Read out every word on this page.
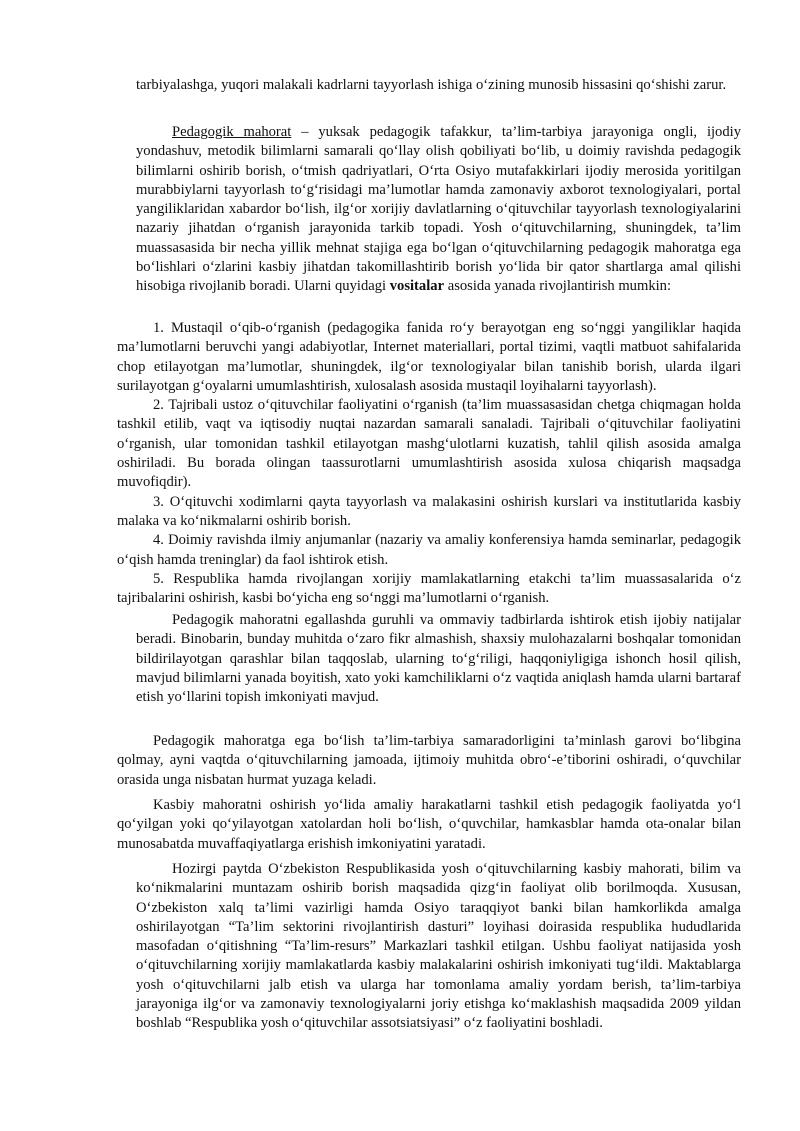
tarbiyalashga, yuqori malakali kadrlarni tayyorlash ishiga o‘zining munosib hissasini qo‘shishi zarur.

Pedagogik mahorat – yuksak pedagogik tafakkur, ta’lim-tarbiya jarayoniga ongli, ijodiy yondashuv, metodik bilimlarni samarali qo‘llay olish qobiliyati bo‘lib, u doimiy ravishda pedagogik bilimlarni oshirib borish, o‘tmish qadriyatlari, O‘rta Osiyo mutafakkirlari ijodiy merosida yoritilgan murabbiylarni tayyorlash to‘g‘risidagi ma’lumotlar hamda zamonaviy axborot texnologiyalari, portal yangiliklaridan xabardor bo‘lish, ilg‘or xorijiy davlatlarning o‘qituvchilar tayyorlash texnologiyalarini nazariy jihatdan o‘rganish jarayonida tarkib topadi. Yosh o‘qituvchilarning, shuningdek, ta’lim muassasasida bir necha yillik mehnat stajiga ega bo‘lgan o‘qituvchilarning pedagogik mahoratga ega bo‘lishlari o‘zlarini kasbiy jihatdan takomillashtirib borish yo‘lida bir qator shartlarga amal qilishi hisobiga rivojlanib boradi. Ularni quyidagi vositalar asosida yanada rivojlantirish mumkin:

1. Mustaqil o‘qib-o‘rganish (pedagogika fanida ro‘y berayotgan eng so‘nggi yangiliklar haqida ma’lumotlarni beruvchi yangi adabiyotlar, Internet materiallari, portal tizimi, vaqtli matbuot sahifalarida chop etilayotgan ma’lumotlar, shuningdek, ilg‘or texnologiyalar bilan tanishib borish, ularda ilgari surilayotgan g‘oyalarni umumlashtirish, xulosalash asosida mustaqil loyihalarni tayyorlash).

2. Tajribali ustoz o‘qituvchilar faoliyatini o‘rganish (ta’lim muassasasidan chetga chiqmagan holda tashkil etilib, vaqt va iqtisodiy nuqtai nazardan samarali sanaladi. Tajribali o‘qituvchilar faoliyatini o‘rganish, ular tomonidan tashkil etilayotgan mashg‘ulotlarni kuzatish, tahlil qilish asosida amalga oshiriladi. Bu borada olingan taassurotlarni umumlashtirish asosida xulosa chiqarish maqsadga muvofiqdir).

3. O‘qituvchi xodimlarni qayta tayyorlash va malakasini oshirish kurslari va institutlarida kasbiy malaka va ko‘nikmalarni oshirib borish.

4. Doimiy ravishda ilmiy anjumanlar (nazariy va amaliy konferensiya hamda seminarlar, pedagogik o‘qish hamda treninglar) da faol ishtirok etish.

5. Respublika hamda rivojlangan xorijiy mamlakatlarning etakchi ta’lim muassasalarida o‘z tajribalarini oshirish, kasbi bo‘yicha eng so‘nggi ma’lumotlarni o‘rganish.

Pedagogik mahoratni egallashda guruhli va ommaviy tadbirlarda ishtirok etish ijobiy natijalar beradi. Binobarin, bunday muhitda o‘zaro fikr almashish, shaxsiy mulohazalarni boshqalar tomonidan bildirilayotgan qarashlar bilan taqqoslab, ularning to‘g‘riligi, haqqoniyligiga ishonch hosil qilish, mavjud bilimlarni yanada boyitish, xato yoki kamchiliklarni o‘z vaqtida aniqlash hamda ularni bartaraf etish yo‘llarini topish imkoniyati mavjud.

Pedagogik mahoratga ega bo‘lish ta’lim-tarbiya samaradorligini ta’minlash garovi bo‘libgina qolmay, ayni vaqtda o‘qituvchilarning jamoada, ijtimoiy muhitda obro‘-e’tiborini oshiradi, o‘quvchilar orasida unga nisbatan hurmat yuzaga keladi.

Kasbiy mahoratni oshirish yo‘lida amaliy harakatlarni tashkil etish pedagogik faoliyatda yo‘l qo‘yilgan yoki qo‘yilayotgan xatolardan holi bo‘lish, o‘quvchilar, hamkasblar hamda ota-onalar bilan munosabatda muvaffaqiyatlarga erishish imkoniyatini yaratadi.

Hozirgi paytda O‘zbekiston Respublikasida yosh o‘qituvchilarning kasbiy mahorati, bilim va ko‘nikmalarini muntazam oshirib borish maqsadida qizg‘in faoliyat olib borilmoqda. Xususan, O‘zbekiston xalq ta’limi vazirligi hamda Osiyo taraqqiyot banki bilan hamkorlikda amalga oshirilayotgan “Ta’lim sektorini rivojlantirish dasturi” loyihasi doirasida respublika hududlarida masofadan o‘qitishning “Ta’lim-resurs” Markazlari tashkil etilgan. Ushbu faoliyat natijasida yosh o‘qituvchilarning xorijiy mamlakatlarda kasbiy malakalarini oshirish imkoniyati tug‘ildi. Maktablarga yosh o‘qituvchilarni jalb etish va ularga har tomonlama amaliy yordam berish, ta’lim-tarbiya jarayoniga ilg‘or va zamonaviy texnologiyalarni joriy etishga ko‘maklashish maqsadida 2009 yildan boshlab “Respublika yosh o‘qituvchilar assotsiatsiyasi” o‘z faoliyatini boshladi.
